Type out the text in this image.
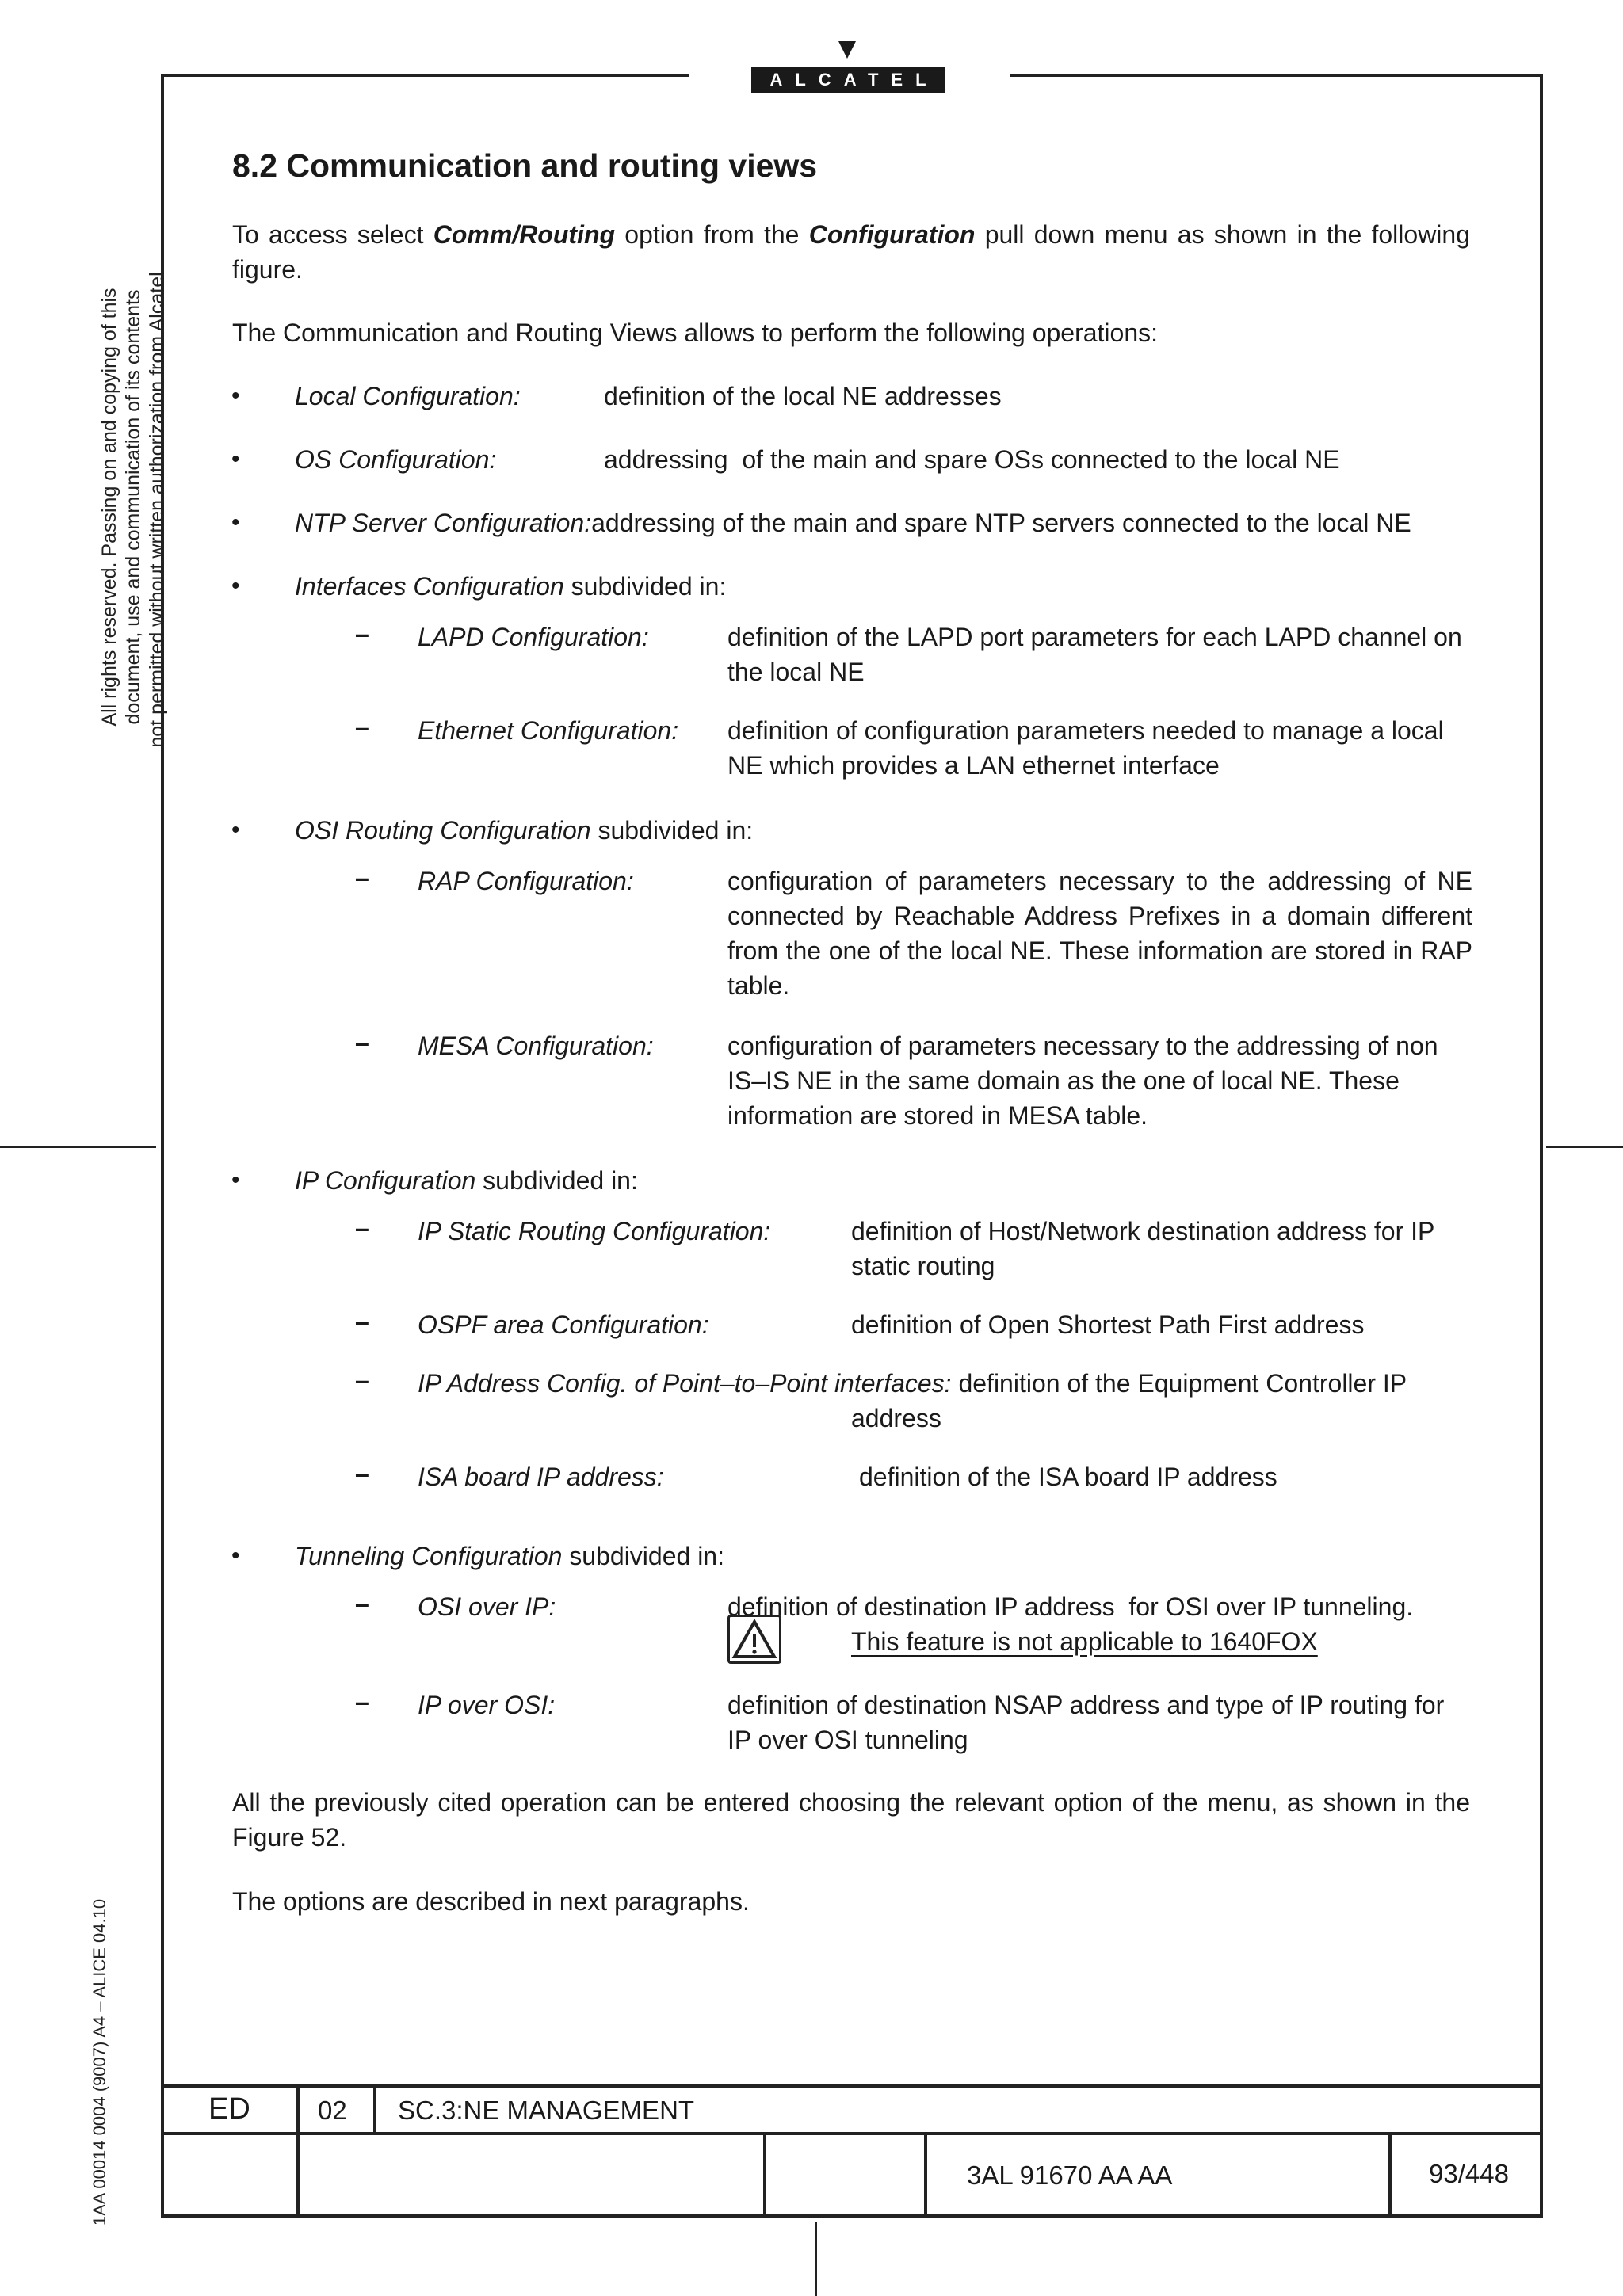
ALCATEL
All rights reserved. Passing on and copying of this document, use and communication of its contents not permitted without written authorization from Alcatel.
1AA 00014 0004 (9007) A4 – ALICE 04.10
8.2 Communication and routing views
To access select Comm/Routing option from the Configuration pull down menu as shown in the following figure.
The Communication and Routing Views allows to perform the following operations:
• Local Configuration:	definition of the local NE addresses
• OS Configuration:	addressing  of the main and spare OSs connected to the local NE
• NTP Server Configuration:addressing of the main and spare NTP servers connected to the local NE
• Interfaces Configuration subdivided in:
– LAPD Configuration:	definition of the LAPD port parameters for each LAPD channel on the local NE
– Ethernet Configuration: definition of configuration parameters needed to manage a local NE which provides a LAN ethernet interface
• OSI Routing Configuration subdivided in:
– RAP Configuration:	configuration of parameters necessary to the addressing of NE connected by Reachable Address Prefixes in a domain different from the one of the local NE. These information are stored in RAP table.
– MESA Configuration:	configuration of parameters necessary to the addressing of non IS–IS NE in the same domain as the one of local NE. These information are stored in MESA table.
• IP Configuration subdivided in:
– IP Static Routing Configuration:	definition of Host/Network destination address for IP static routing
– OSPF area Configuration:	definition of Open Shortest Path First address
– IP Address Config. of Point–to–Point interfaces: definition of the Equipment Controller IP
address
– ISA board IP address:	definition of the ISA board IP address
• Tunneling Configuration subdivided in:
– OSI over IP:	definition of destination IP address  for OSI over IP tunneling.
This feature is not applicable to 1640FOX
– IP over OSI:	definition of destination NSAP address and type of IP routing for IP over OSI tunneling
All the previously cited operation can be entered choosing the relevant option of the menu, as shown in the Figure 52.
The options are described in next paragraphs.
ED	02 SC.3:NE MANAGEMENT
3AL 91670 AA AA	93/448
